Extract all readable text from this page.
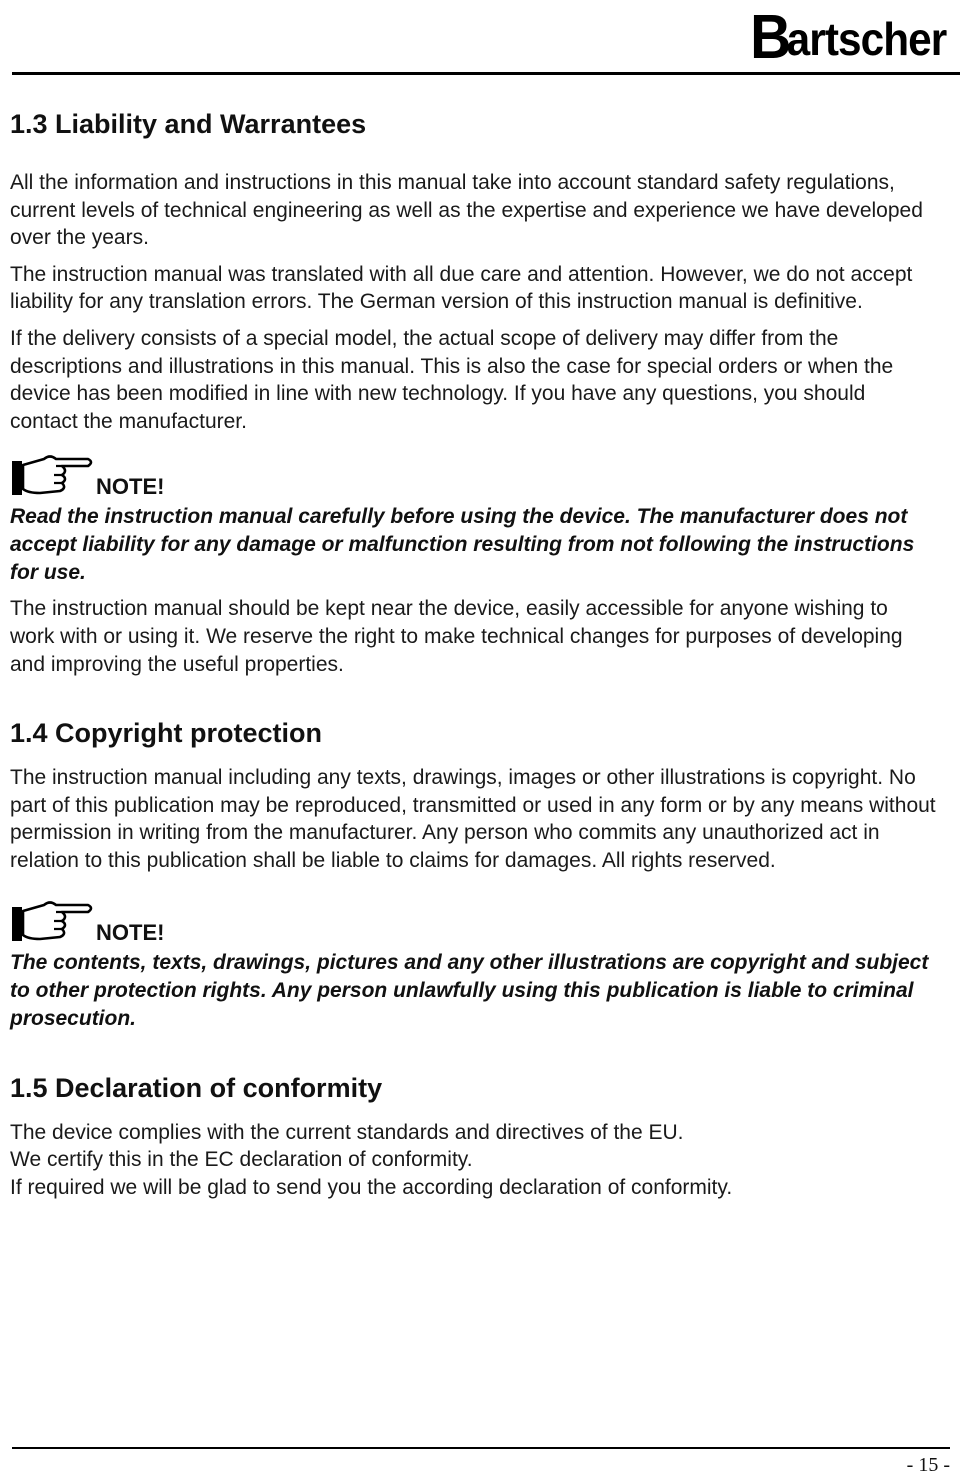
Bartscher
1.3 Liability and Warrantees

All the information and instructions in this manual take into account standard safety regulations, current levels of technical engineering as well as the expertise and experience we have developed over the years.

The instruction manual was translated with all due care and attention. However, we do not accept liability for any translation errors. The German version of this instruction manual is definitive.

If the delivery consists of a special model, the actual scope of delivery may differ from the descriptions and illustrations in this manual. This is also the case for special orders or when the device has been modified in line with new technology. If you have any questions, you should contact the manufacturer.

NOTE!

Read the instruction manual carefully before using the device. The manufacturer does not accept liability for any damage or malfunction resulting from not following the instructions for use.

The instruction manual should be kept near the device, easily accessible for anyone wishing to work with or using it. We reserve the right to make technical changes for purposes of developing and improving the useful properties.

1.4 Copyright protection

The instruction manual including any texts, drawings, images or other illustrations is copyright. No part of this publication may be reproduced, transmitted or used in any form or by any means without permission in writing from the manufacturer. Any person who commits any unauthorized act in relation to this publication shall be liable to claims for damages. All rights reserved.

NOTE!

The contents, texts, drawings, pictures and any other illustrations are copyright and subject to other protection rights. Any person unlawfully using this publication is liable to criminal prosecution.

1.5 Declaration of conformity

The device complies with the current standards and directives of the EU.

We certify this in the EC declaration of conformity.

If required we will be glad to send you the according declaration of conformity.

- 15 -
